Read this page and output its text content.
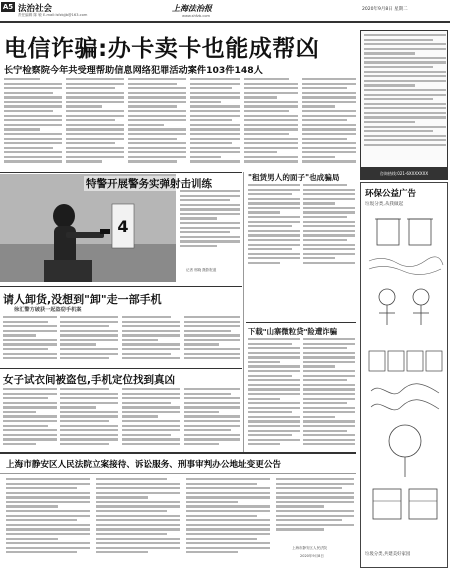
A5 法治社会
责任编辑 陈 敏 E-mail:lsfzbjjb@163.com
上海法治报
www.shfzb.com
2020年9月8日 星期二
电信诈骗:办卡卖卡也能成帮凶
长宁检察院今年共受理帮助信息网络犯罪活动案件103件148人
咨询热线:021-6XXXXXXX
4
特警开展警务实弹射击训练
记者 邢晓 摄影报道
请人卸货,没想到"卸"走一部手机
徐汇警方破获一起盗窃手机案
女子试衣间被盗包,手机定位找到真凶
"租赁男人的面子"也成骗局
下载"山寨微粒贷"险遭诈骗
环保公益广告
垃圾分类,从我做起
垃圾分类,共建美好家园
上海市静安区人民法院立案接待、诉讼服务、刑事审判办公地址变更公告
上海市静安区人民法院
2020年9月8日
